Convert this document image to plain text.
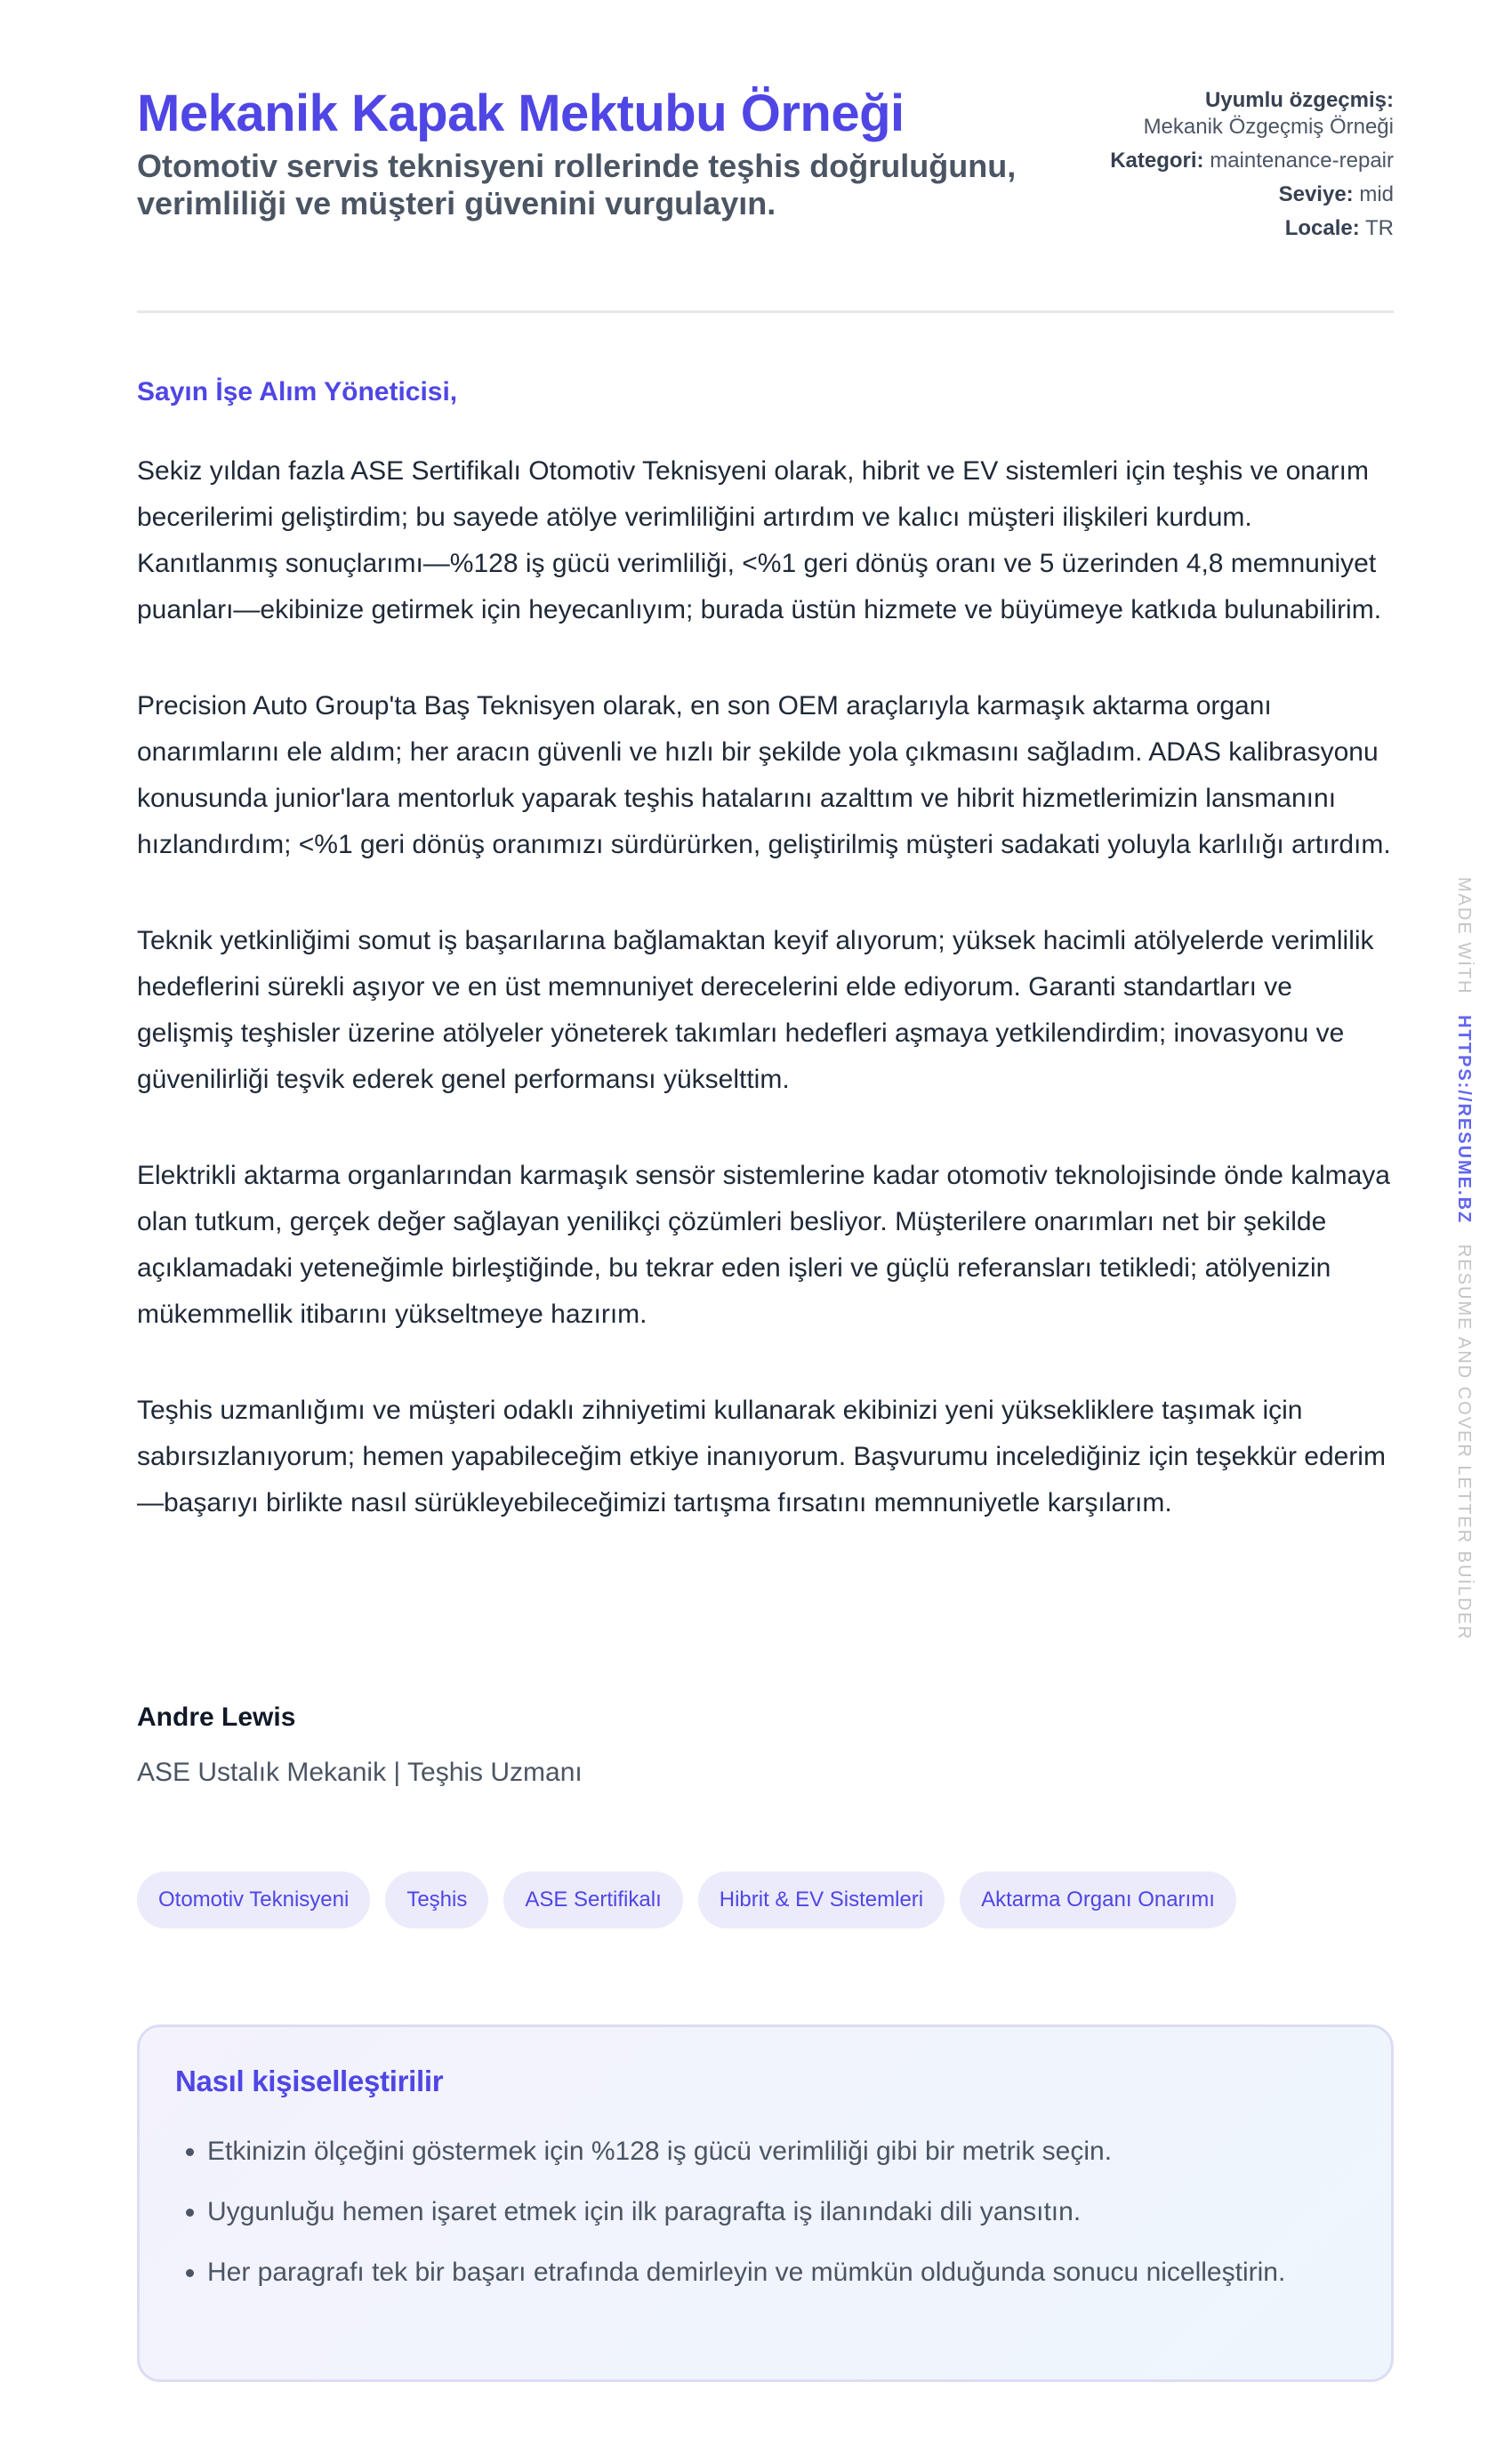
Mekanik Kapak Mektubu Örneği
Otomotiv servis teknisyeni rollerinde teşhis doğruluğunu, verimliliği ve müşteri güvenini vurgulayın.
Uyumlu özgeçmiş:
Mekanik Özgeçmiş Örneği
Kategori: maintenance-repair
Seviye: mid
Locale: TR
Sayın İşe Alım Yöneticisi,

Sekiz yıldan fazla ASE Sertifikalı Otomotiv Teknisyeni olarak, hibrit ve EV sistemleri için teşhis ve onarım becerilerimi geliştirdim; bu sayede atölye verimliliğini artırdım ve kalıcı müşteri ilişkileri kurdum. Kanıtlanmış sonuçlarımı—%128 iş gücü verimliliği, <%1 geri dönüş oranı ve 5 üzerinden 4,8 memnuniyet puanları—ekibinize getirmek için heyecanlıyım; burada üstün hizmete ve büyümeye katkıda bulunabilirim.

Precision Auto Group'ta Baş Teknisyen olarak, en son OEM araçlarıyla karmaşık aktarma organı onarımlarını ele aldım; her aracın güvenli ve hızlı bir şekilde yola çıkmasını sağladım. ADAS kalibrasyonu konusunda junior'lara mentorluk yaparak teşhis hatalarını azalttım ve hibrit hizmetlerimizin lansmanını hızlandırdım; <%1 geri dönüş oranımızı sürdürürken, geliştirilmiş müşteri sadakati yoluyla karlılığı artırdım.

Teknik yetkinliğimi somut iş başarılarına bağlamaktan keyif alıyorum; yüksek hacimli atölyelerde verimlilik hedeflerini sürekli aşıyor ve en üst memnuniyet derecelerini elde ediyorum. Garanti standartları ve gelişmiş teşhisler üzerine atölyeler yöneterek takımları hedefleri aşmaya yetkilendirdim; inovasyonu ve güvenilirliği teşvik ederek genel performansı yükselttim.

Elektrikli aktarma organlarından karmaşık sensör sistemlerine kadar otomotiv teknolojisinde önde kalmaya olan tutkum, gerçek değer sağlayan yenilikçi çözümleri besliyor. Müşterilere onarımları net bir şekilde açıklamadaki yeteneğimle birleştiğinde, bu tekrar eden işleri ve güçlü referansları tetikledi; atölyenizin mükemmellik itibarını yükseltmeye hazırım.

Teşhis uzmanlığımı ve müşteri odaklı zihniyetimi kullanarak ekibinizi yeni yüksekliklere taşımak için sabırsızlanıyorum; hemen yapabileceğim etkiye inanıyorum. Başvurumu incelediğiniz için teşekkür ederim—başarıyı birlikte nasıl sürükleyebileceğimizi tartışma fırsatını memnuniyetle karşılarım.

Andre Lewis
ASE Ustalık Mekanik | Teşhis Uzmanı
Otomotiv Teknisyeni	Teşhis	ASE Sertifikalı	Hibrit & EV Sistemleri	Aktarma Organı Onarımı
Nasıl kişiselleştirilir
• Etkinizin ölçeğini göstermek için %128 iş gücü verimliliği gibi bir metrik seçin.
• Uygunluğu hemen işaret etmek için ilk paragrafta iş ilanındaki dili yansıtın.
• Her paragrafı tek bir başarı etrafında demirleyin ve mümkün olduğunda sonucu nicelleştirin.
MADE WİTH   HTTPS://RESUME.BZ   RESUME AND COVER LETTER BUİLDER
